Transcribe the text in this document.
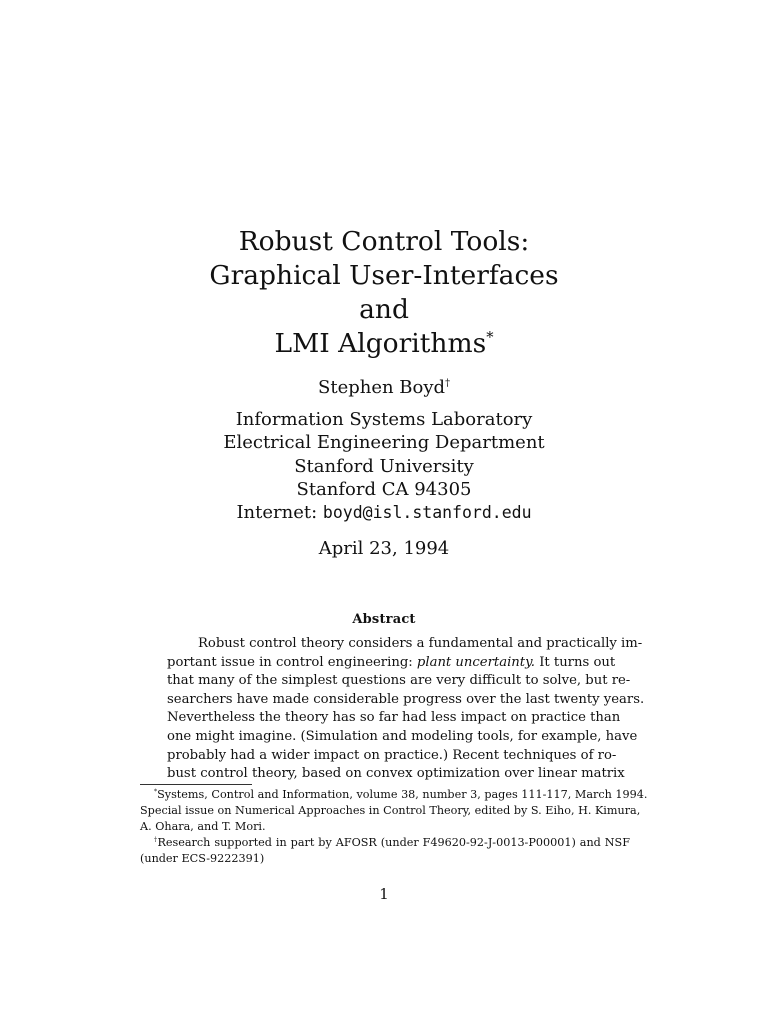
Robust Control Tools:
Graphical User-Interfaces
and
LMI Algorithms*
Stephen Boyd†
Information Systems Laboratory
Electrical Engineering Department
Stanford University
Stanford CA 94305
Internet: boyd@isl.stanford.edu
April 23, 1994
Abstract
Robust control theory considers a fundamental and practically im-
portant issue in control engineering: plant uncertainty. It turns out
that many of the simplest questions are very difficult to solve, but re-
searchers have made considerable progress over the last twenty years.
Nevertheless the theory has so far had less impact on practice than
one might imagine. (Simulation and modeling tools, for example, have
probably had a wider impact on practice.) Recent techniques of ro-
bust control theory, based on convex optimization over linear matrix
*Systems, Control and Information, volume 38, number 3, pages 111-117, March 1994.
Special issue on Numerical Approaches in Control Theory, edited by S. Eiho, H. Kimura,
A. Ohara, and T. Mori.
†Research supported in part by AFOSR (under F49620-92-J-0013-P00001) and NSF
(under ECS-9222391)
1
